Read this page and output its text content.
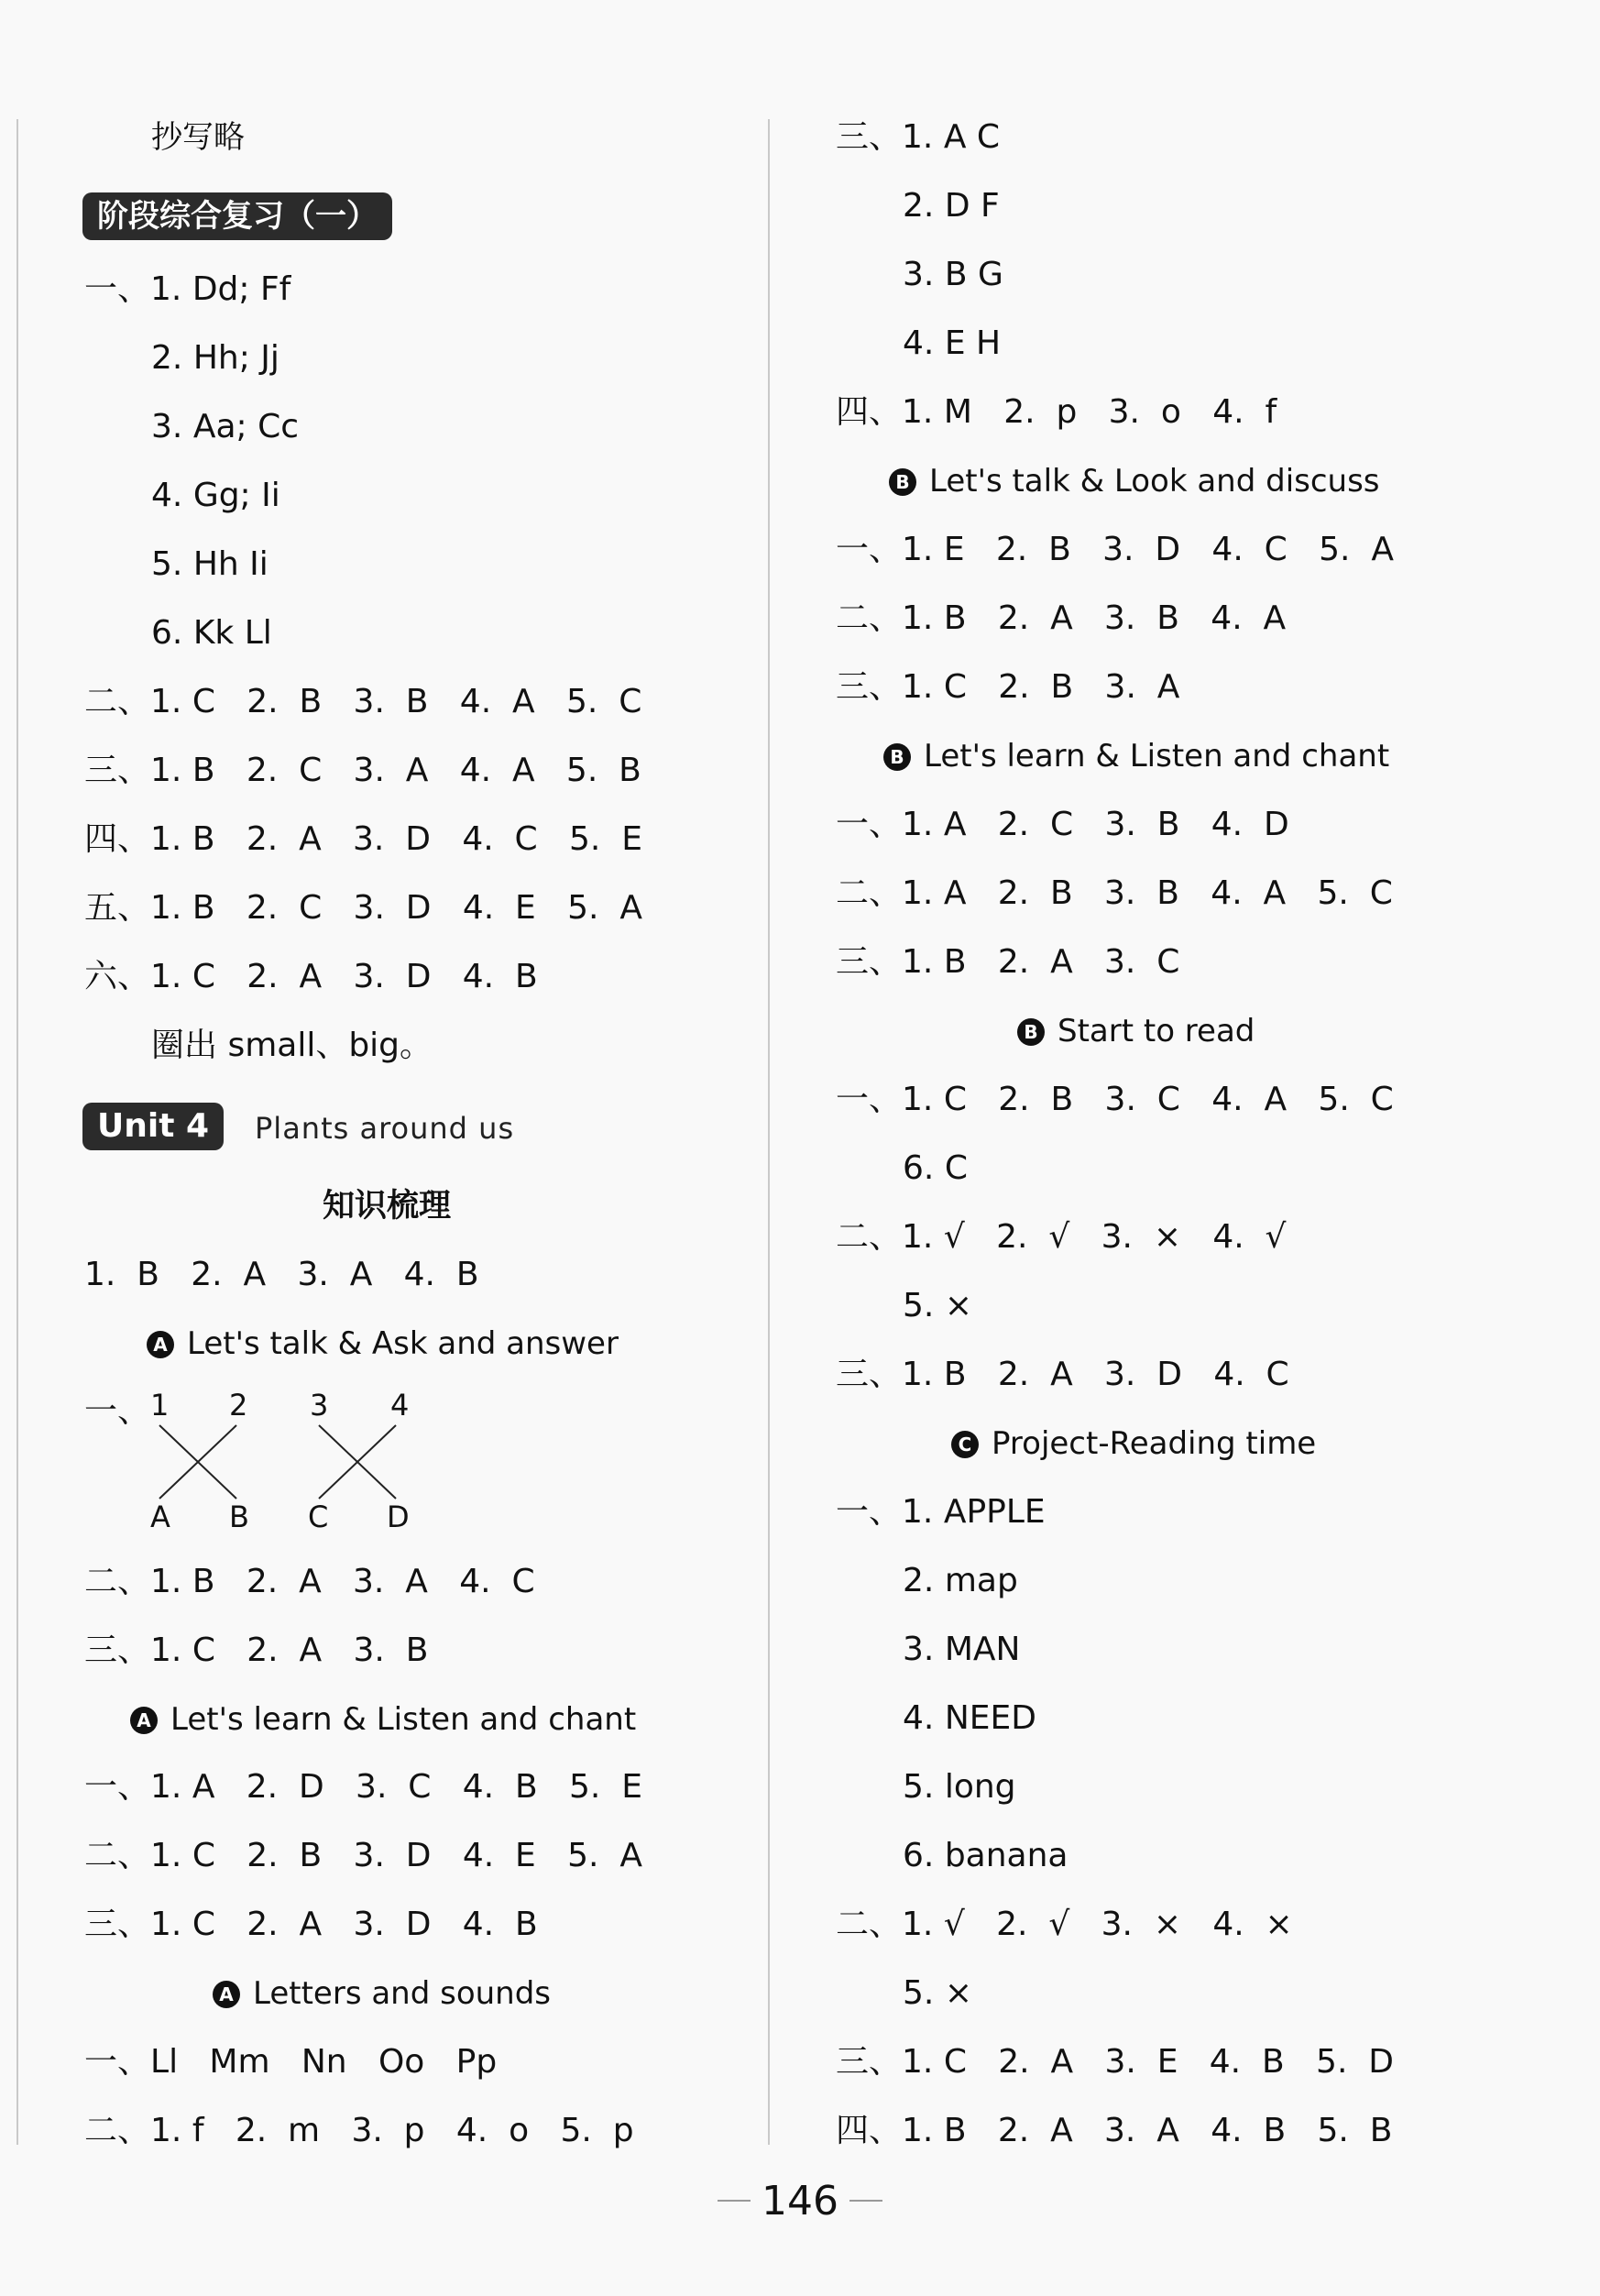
抄写略
阶段综合复习（一）
一、1. Dd; Ff
2. Hh; Jj
3. Aa; Cc
4. Gg; Ii
5. Hh Ii
6. Kk Ll
二、1. C   2.  B   3.  B   4.  A   5.  C
三、1. B   2.  C   3.  A   4.  A   5.  B
四、1. B   2.  A   3.  D   4.  C   5.  E
五、1. B   2.  C   3.  D   4.  E   5.  A
六、1. C   2.  A   3.  D   4.  B
圈出 small、big。
Unit 4	Plants around us
知识梳理
1.  B   2.  A   3.  A   4.  B
A Let's talk & Ask and answer
一、 1 2 3 4
A B C D
二、1. B   2.  A   3.  A   4.  C
三、1. C   2.  A   3.  B
A Let's learn & Listen and chant
一、1. A   2.  D   3.  C   4.  B   5.  E
二、1. C   2.  B   3.  D   4.  E   5.  A
三、1. C   2.  A   3.  D   4.  B
A Letters and sounds
一、Ll   Mm   Nn   Oo   Pp
二、1. f   2.  m   3.  p   4.  o   5.  p
三、1. A C
2. D F
3. B G
4. E H
四、1. M   2.  p   3.  o   4.  f
B Let's talk & Look and discuss
一、1. E   2.  B   3.  D   4.  C   5.  A
二、1. B   2.  A   3.  B   4.  A
三、1. C   2.  B   3.  A
B Let's learn & Listen and chant
一、1. A   2.  C   3.  B   4.  D
二、1. A   2.  B   3.  B   4.  A   5.  C
三、1. B   2.  A   3.  C
B Start to read
一、1. C   2.  B   3.  C   4.  A   5.  C
6. C
二、1. √   2.  √   3.  ×   4.  √
5. ×
三、1. B   2.  A   3.  D   4.  C
C Project-Reading time
一、1. APPLE
2. map
3. MAN
4. NEED
5. long
6. banana
二、1. √   2.  √   3.  ×   4.  ×
5. ×
三、1. C   2.  A   3.  E   4.  B   5.  D
四、1. B   2.  A   3.  A   4.  B   5.  B
146
